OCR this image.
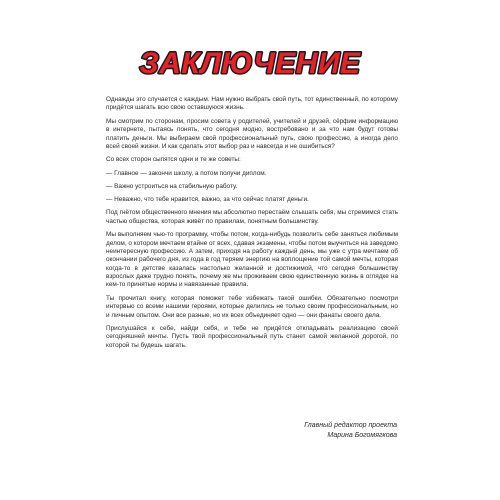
ЗАКЛЮЧЕНИЕ

Однажды это случается с каждым. Нам нужно выбрать свой путь, тот единственный, по которому придётся шагать всю свою оставшуюся жизнь.

Мы смотрим по сторонам, просим совета у родителей, учителей и друзей, сёрфим информацию в интернете, пытаясь понять, что сегодня модно, востребовано и за что нам будут готовы платить деньги. Мы выбираем свой профессиональный путь, свою профессию, а иногда дело всей своей жизни. И как сделать этот выбор раз и навсегда и не ошибиться?

Со всех сторон сыпятся одни и те же советы:

— Главное — закончи школу, а потом получи диплом.

— Важно устроиться на стабильную работу.

— Неважно, что тебе нравится, важно, за что сейчас платят деньги.

Под гнётом общественного мнения мы абсолютно перестаём слышать себя, мы стремимся стать частью общества, которая живёт по правилам, понятным большинству.

Мы выполняем чью-то программу, чтобы потом, когда-нибудь позволить себе заняться любимым делом, о котором мечтаем втайне от всех, сдавая экзамены, чтобы потом выучиться на заведомо неинтересную профессию. А затем, приходя на работу каждый день, мы уже с утра мечтаем об окончании рабочего дня, из года в год теряем энергию на воплощение той самой мечты, которая когда-то в детстве казалась настолько желанной и достижимой, что сегодня большинству взрослых даже трудно понять, почему же мы проживаем свою единственную жизнь в оглядке на кем-то принятые нормы и навязанные правила.

Ты прочитал книгу, которая поможет тебе избежать такой ошибки. Обязательно посмотри интервью со всеми нашими героями, которые делились не только своим профессиональным, но и личным опытом. Они все разные, но их всех объединяет одно — они фанаты своего дела.

Прислушайся к себе, найди себя, и тебе не придётся откладывать реализацию своей сегодняшней мечты. Пусть твой профессиональный путь станет самой желанной дорогой, по которой ты будешь шагать.

Главный редактор проекта
Марина Богомягкова
